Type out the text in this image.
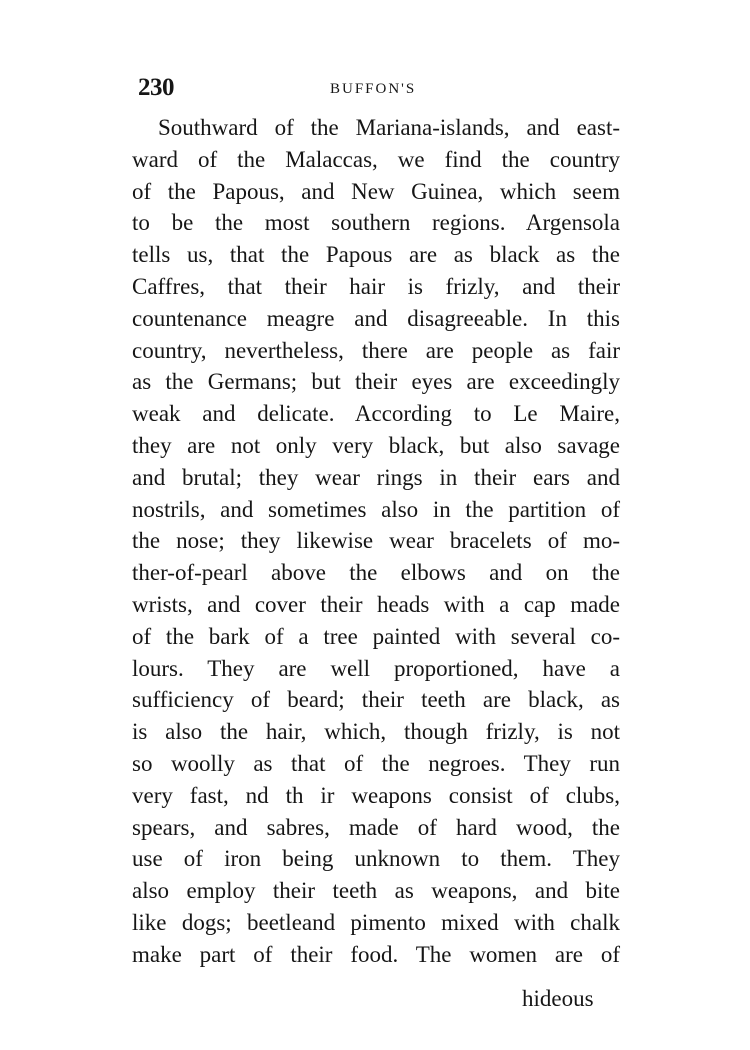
230	BUFFON'S
Southward of the Mariana-islands, and east-
ward of the Malaccas, we find the country
of the Papous, and New Guinea, which seem
to be the most southern regions. Argensola
tells us, that the Papous are as black as the
Caffres, that their hair is frizly, and their
countenance meagre and disagreeable. In this
country, nevertheless, there are people as fair
as the Germans; but their eyes are exceedingly
weak and delicate. According to Le Maire,
they are not only very black, but also savage
and brutal; they wear rings in their ears and
nostrils, and sometimes also in the partition of
the nose; they likewise wear bracelets of mo-
ther-of-pearl above the elbows and on the
wrists, and cover their heads with a cap made
of the bark of a tree painted with several co-
lours. They are well proportioned, have a
sufficiency of beard; their teeth are black, as
is also the hair, which, though frizly, is not
so woolly as that of the negroes. They run
very fast, nd th ir weapons consist of clubs,
spears, and sabres, made of hard wood, the
use of iron being unknown to them. They
also employ their teeth as weapons, and bite
like dogs; beetleand pimento mixed with chalk
make part of their food. The women are of
hideous
